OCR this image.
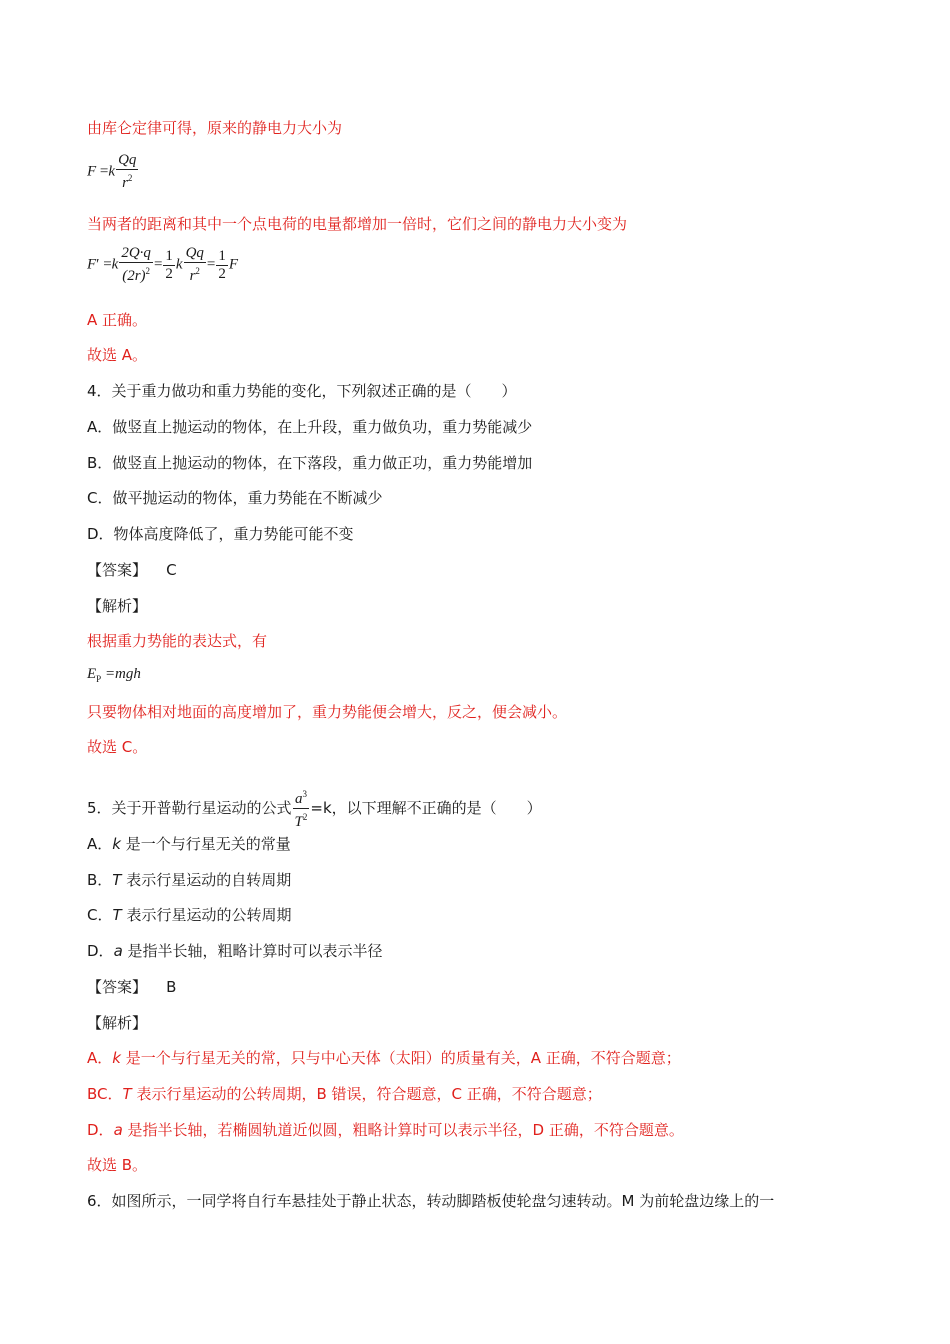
由库仑定律可得，原来的静电力大小为
$F =k \frac{Qq}{r^2}$
当两者的距离和其中一个点电荷的电量都增加一倍时，它们之间的静电力大小变为
$F' =k \frac{2Q\cdot q}{(2r)^2} = \frac{1}{2}$ k $\frac{Qq}{r^2} = \frac{1}{2}$ F
A 正确。
故选 A。
4．关于重力做功和重力势能的变化，下列叙述正确的是（　　）
A．做竖直上抛运动的物体，在上升段，重力做负功，重力势能减少
B．做竖直上抛运动的物体，在下落段，重力做正功，重力势能增加
C．做平抛运动的物体，重力势能在不断减少
D．物体高度降低了，重力势能可能不变
【答案】 C
【解析】
根据重力势能的表达式，有
$E_P =mgh$
只要物体相对地面的高度增加了，重力势能便会增大，反之，便会减小。
故选 C。
5．关于开普勒行星运动的公式 $\frac{a^3}{T^2} =k$，以下理解不正确的是（　　）
A．k 是一个与行星无关的常量
B．T 表示行星运动的自转周期
C．T 表示行星运动的公转周期
D．a 是指半长轴，粗略计算时可以表示半径
【答案】 B
【解析】
A．k 是一个与行星无关的常，只与中心天体（太阳）的质量有关，A 正确，不符合题意；
BC．T 表示行星运动的公转周期，B 错误，符合题意，C 正确，不符合题意；
D．a 是指半长轴，若椭圆轨道近似圆，粗略计算时可以表示半径，D 正确，不符合题意。
故选 B。
6．如图所示，一同学将自行车悬挂处于静止状态，转动脚踏板使轮盘匀速转动。M 为前轮盘边缘上的一
